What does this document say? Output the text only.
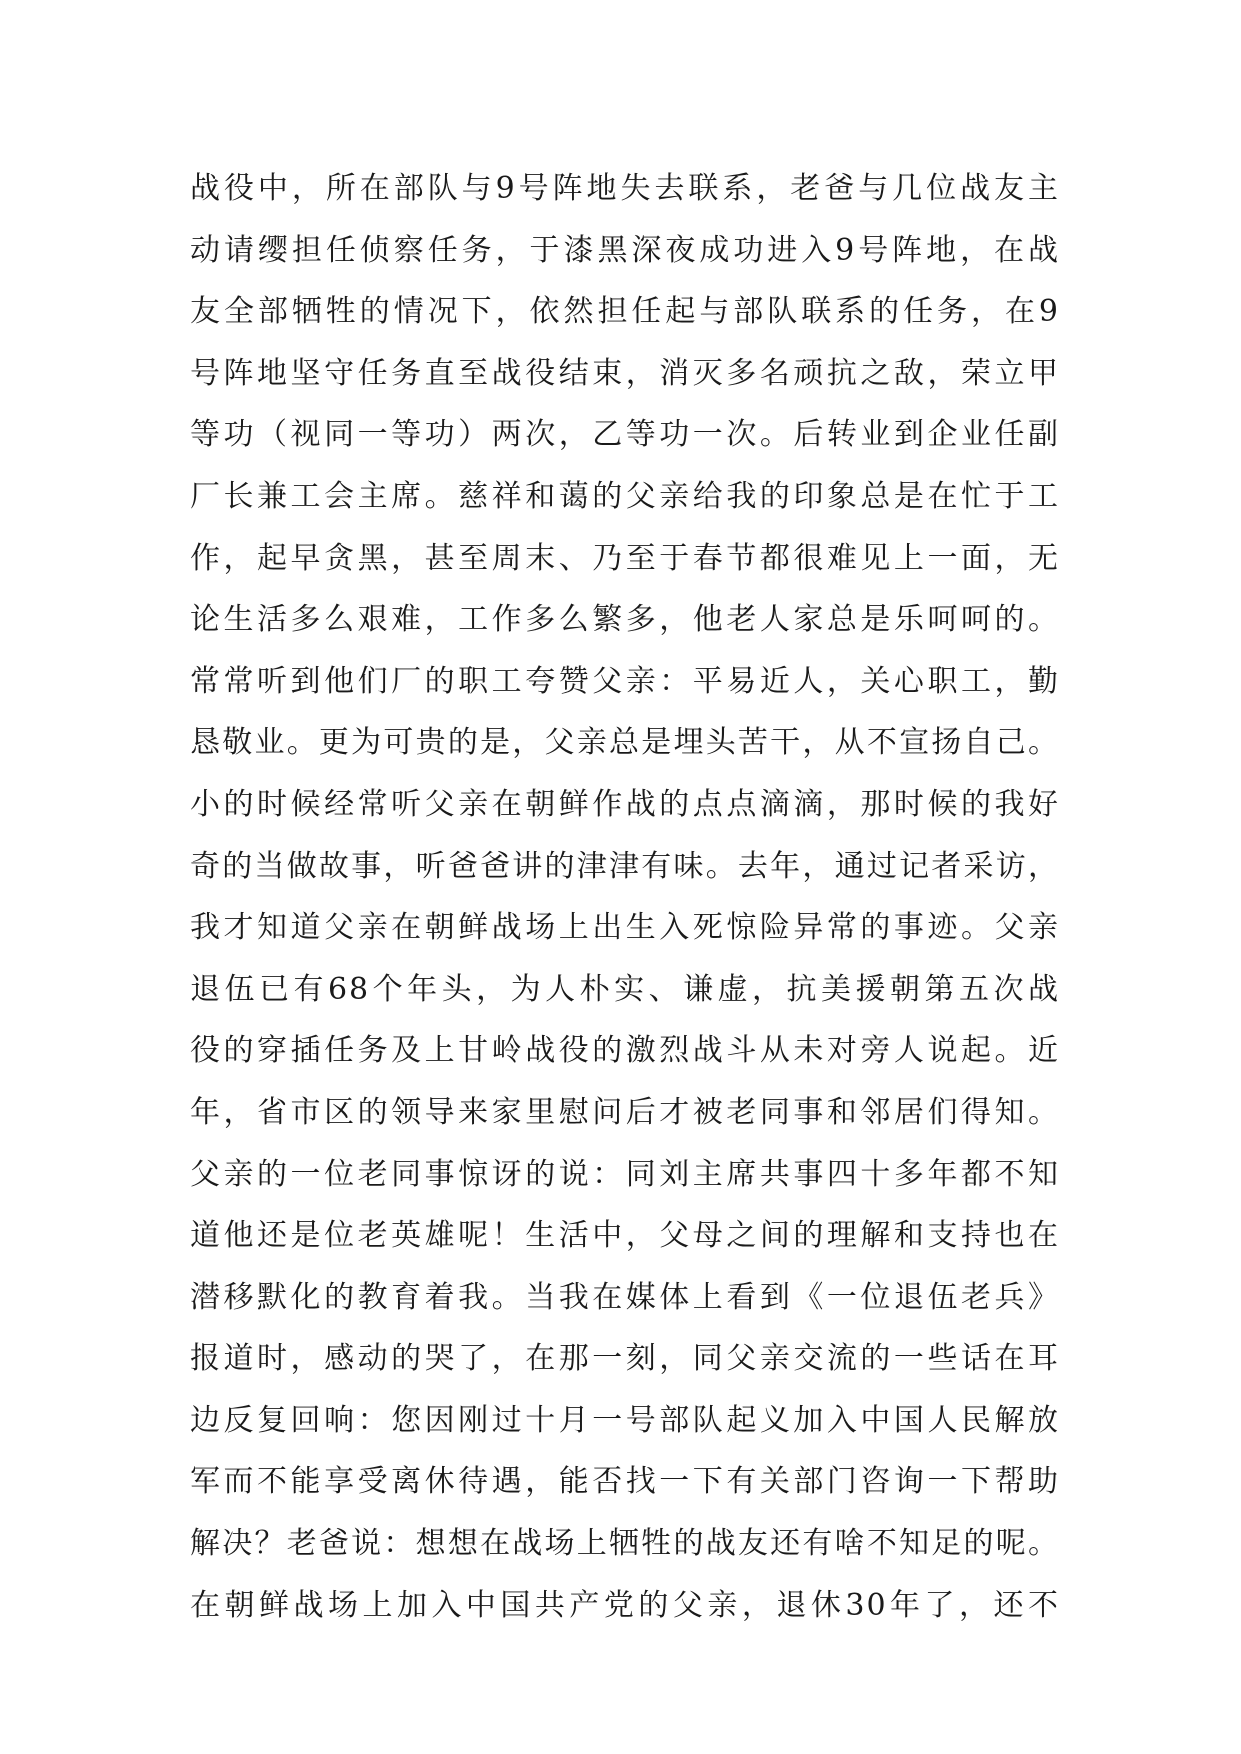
战役中，所在部队与9号阵地失去联系，老爸与几位战友主
动请缨担任侦察任务，于漆黑深夜成功进入9号阵地，在战
友全部牺牲的情况下，依然担任起与部队联系的任务，在9
号阵地坚守任务直至战役结束，消灭多名顽抗之敌，荣立甲
等功（视同一等功）两次，乙等功一次。后转业到企业任副
厂长兼工会主席。慈祥和蔼的父亲给我的印象总是在忙于工
作，起早贪黑，甚至周末、乃至于春节都很难见上一面，无
论生活多么艰难，工作多么繁多，他老人家总是乐呵呵的。
常常听到他们厂的职工夸赞父亲：平易近人，关心职工，勤
恳敬业。更为可贵的是，父亲总是埋头苦干，从不宣扬自己。
小的时候经常听父亲在朝鲜作战的点点滴滴，那时候的我好
奇的当做故事，听爸爸讲的津津有味。去年，通过记者采访，
我才知道父亲在朝鲜战场上出生入死惊险异常的事迹。父亲
退伍已有68个年头，为人朴实、谦虚，抗美援朝第五次战
役的穿插任务及上甘岭战役的激烈战斗从未对旁人说起。近
年，省市区的领导来家里慰问后才被老同事和邻居们得知。
父亲的一位老同事惊讶的说：同刘主席共事四十多年都不知
道他还是位老英雄呢！生活中，父母之间的理解和支持也在
潜移默化的教育着我。当我在媒体上看到《一位退伍老兵》
报道时，感动的哭了，在那一刻，同父亲交流的一些话在耳
边反复回响：您因刚过十月一号部队起义加入中国人民解放
军而不能享受离休待遇，能否找一下有关部门咨询一下帮助
解决？老爸说：想想在战场上牺牲的战友还有啥不知足的呢。
在朝鲜战场上加入中国共产党的父亲，退休30年了，还不
